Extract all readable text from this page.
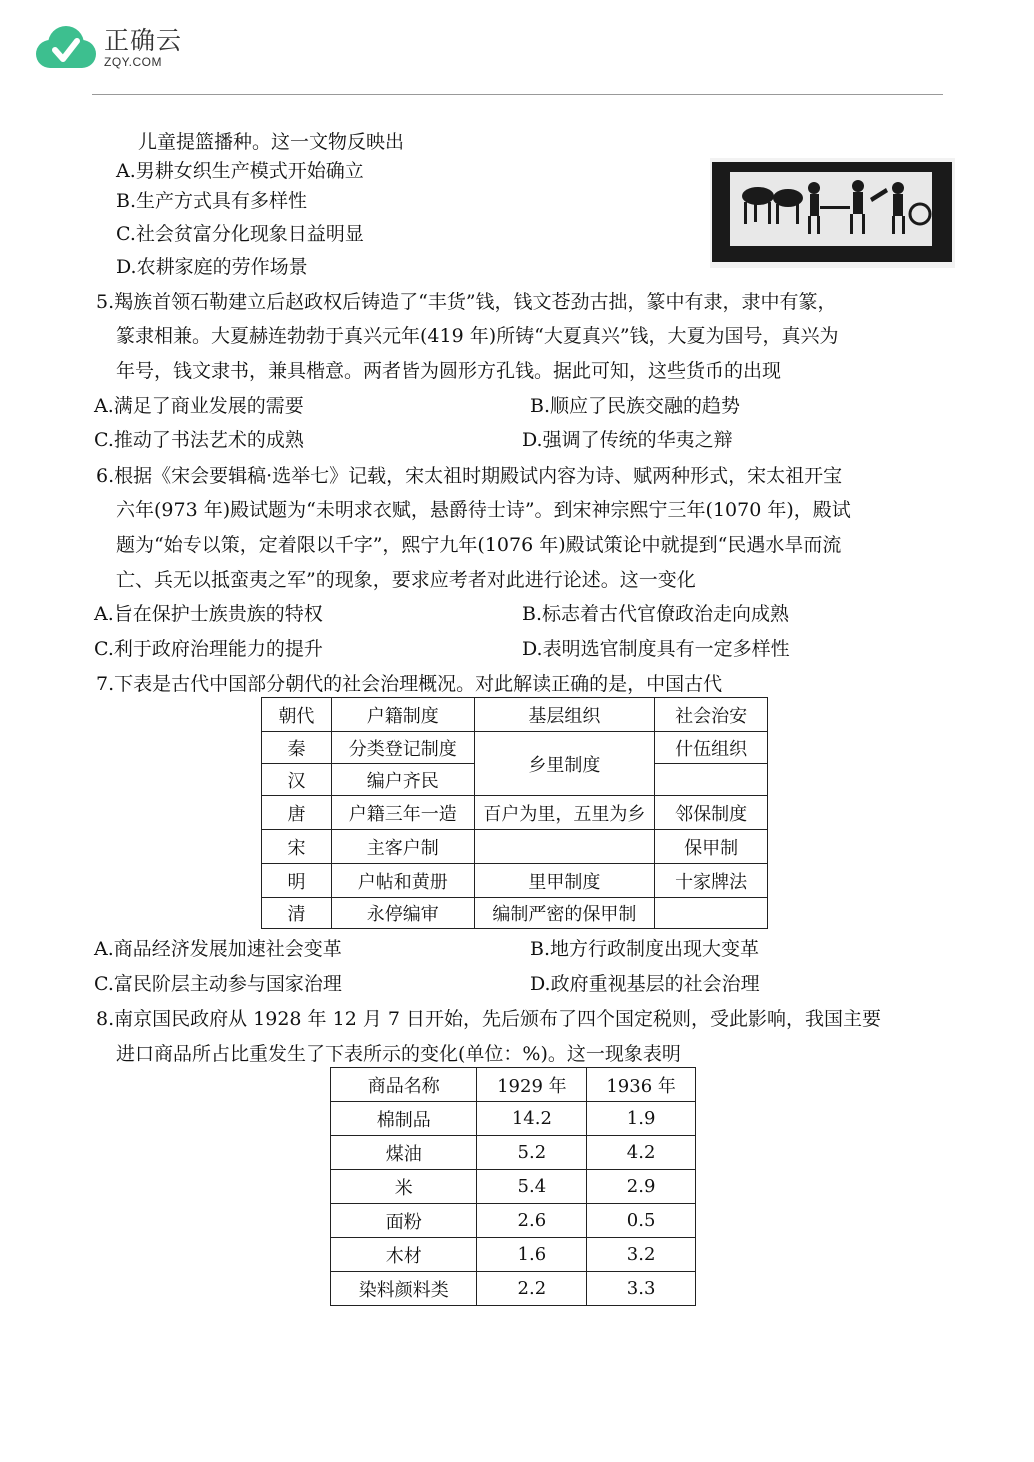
正确云
ZQY.COM
儿童提篮播种。这一文物反映出
A.男耕女织生产模式开始确立
B.生产方式具有多样性
C.社会贫富分化现象日益明显
D.农耕家庭的劳作场景
5.羯族首领石勒建立后赵政权后铸造了“丰货”钱，钱文苍劲古拙，篆中有隶，隶中有篆，
篆隶相兼。大夏赫连勃勃于真兴元年(419 年)所铸“大夏真兴”钱，大夏为国号，真兴为
年号，钱文隶书，兼具楷意。两者皆为圆形方孔钱。据此可知，这些货币的出现
A.满足了商业发展的需要	B.顺应了民族交融的趋势
C.推动了书法艺术的成熟	D.强调了传统的华夷之辩
6.根据《宋会要辑稿·选举七》记载，宋太祖时期殿试内容为诗、赋两种形式，宋太祖开宝
六年(973 年)殿试题为“未明求衣赋，悬爵待士诗”。到宋神宗熙宁三年(1070 年)，殿试
题为“始专以策，定着限以千字”，熙宁九年(1076 年)殿试策论中就提到“民遇水旱而流
亡、兵无以抵蛮夷之军”的现象，要求应考者对此进行论述。这一变化
A.旨在保护士族贵族的特权	B.标志着古代官僚政治走向成熟
C.利于政府治理能力的提升	D.表明选官制度具有一定多样性
7.下表是古代中国部分朝代的社会治理概况。对此解读正确的是，中国古代
朝代	户籍制度	基层组织	社会治安
秦	分类登记制度	乡里制度	什伍组织
汉	编户齐民		
唐	户籍三年一造	百户为里，五里为乡	邻保制度
宋	主客户制		保甲制
明	户帖和黄册	里甲制度	十家牌法
清	永停编审	编制严密的保甲制	
A.商品经济发展加速社会变革	B.地方行政制度出现大变革
C.富民阶层主动参与国家治理	D.政府重视基层的社会治理
8.南京国民政府从 1928 年 12 月 7 日开始，先后颁布了四个国定税则，受此影响，我国主要
进口商品所占比重发生了下表所示的变化(单位：%)。这一现象表明
商品名称	1929 年	1936 年
棉制品	14.2	1.9
煤油	5.2	4.2
米	5.4	2.9
面粉	2.6	0.5
木材	1.6	3.2
染料颜料类	2.2	3.3
